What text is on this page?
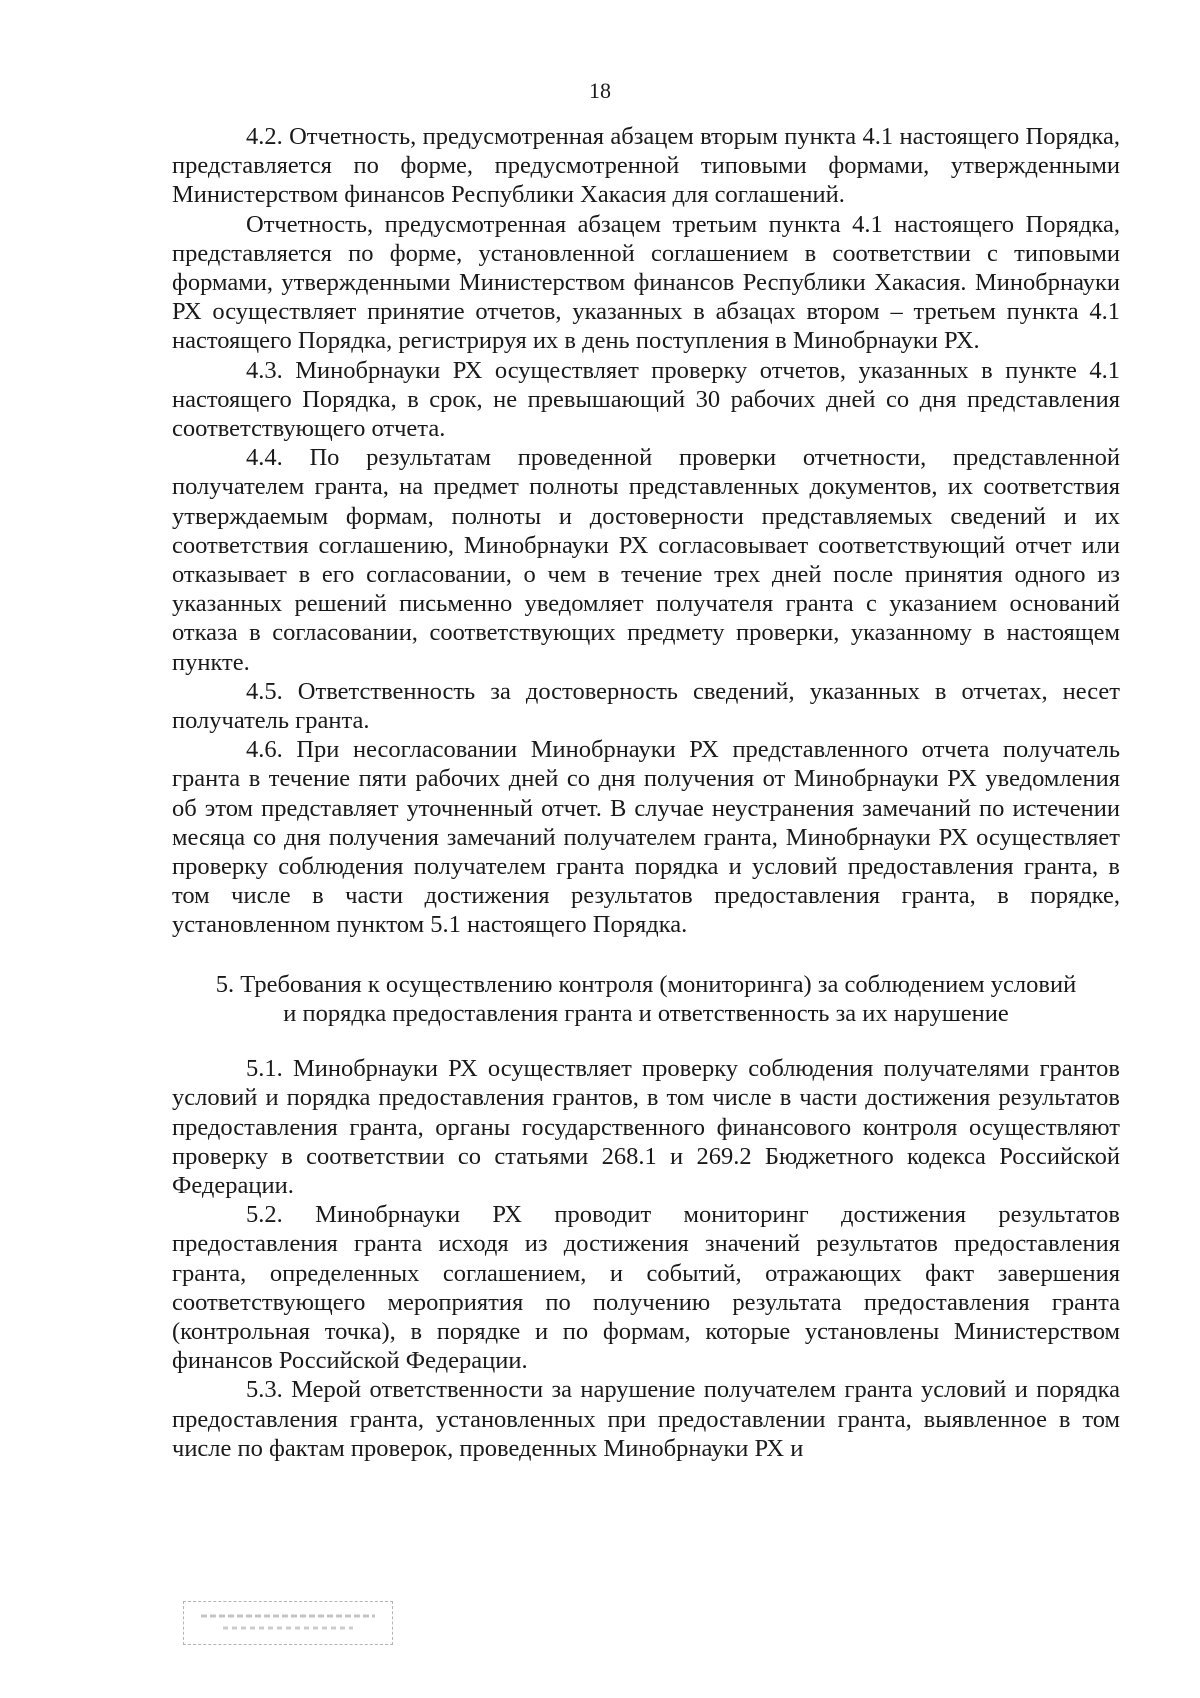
18

4.2. Отчетность, предусмотренная абзацем вторым пункта 4.1 настоящего Порядка, представляется по форме, предусмотренной типовыми формами, утвержденными Министерством финансов Республики Хакасия для соглашений.

Отчетность, предусмотренная абзацем третьим пункта 4.1 настоящего Порядка, представляется по форме, установленной соглашением в соответствии с типовыми формами, утвержденными Министерством финансов Республики Хакасия. Минобрнауки РХ осуществляет принятие отчетов, указанных в абзацах втором – третьем пункта 4.1 настоящего Порядка, регистрируя их в день поступления в Минобрнауки РХ.

4.3. Минобрнауки РХ осуществляет проверку отчетов, указанных в пункте 4.1 настоящего Порядка, в срок, не превышающий 30 рабочих дней со дня представления соответствующего отчета.

4.4. По результатам проведенной проверки отчетности, представленной получателем гранта, на предмет полноты представленных документов, их соответствия утверждаемым формам, полноты и достоверности представляемых сведений и их соответствия соглашению, Минобрнауки РХ согласовывает соответствующий отчет или отказывает в его согласовании, о чем в течение трех дней после принятия одного из указанных решений письменно уведомляет получателя гранта с указанием оснований отказа в согласовании, соответствующих предмету проверки, указанному в настоящем пункте.

4.5. Ответственность за достоверность сведений, указанных в отчетах, несет получатель гранта.

4.6. При несогласовании Минобрнауки РХ представленного отчета получатель гранта в течение пяти рабочих дней со дня получения от Минобрнауки РХ уведомления об этом представляет уточненный отчет. В случае неустранения замечаний по истечении месяца со дня получения замечаний получателем гранта, Минобрнауки РХ осуществляет проверку соблюдения получателем гранта порядка и условий предоставления гранта, в том числе в части достижения результатов предоставления гранта, в порядке, установленном пунктом 5.1 настоящего Порядка.

5. Требования к осуществлению контроля (мониторинга) за соблюдением условий
и порядка предоставления гранта и ответственность за их нарушение

5.1. Минобрнауки РХ осуществляет проверку соблюдения получателями грантов условий и порядка предоставления грантов, в том числе в части достижения результатов предоставления гранта, органы государственного финансового контроля осуществляют проверку в соответствии со статьями 268.1 и 269.2 Бюджетного кодекса Российской Федерации.

5.2. Минобрнауки РХ проводит мониторинг достижения результатов предоставления гранта исходя из достижения значений результатов предоставления гранта, определенных соглашением, и событий, отражающих факт завершения соответствующего мероприятия по получению результата предоставления гранта (контрольная точка), в порядке и по формам, которые установлены Министерством финансов Российской Федерации.

5.3. Мерой ответственности за нарушение получателем гранта условий и порядка предоставления гранта, установленных при предоставлении гранта, выявленное в том числе по фактам проверок, проведенных Минобрнауки РХ и
